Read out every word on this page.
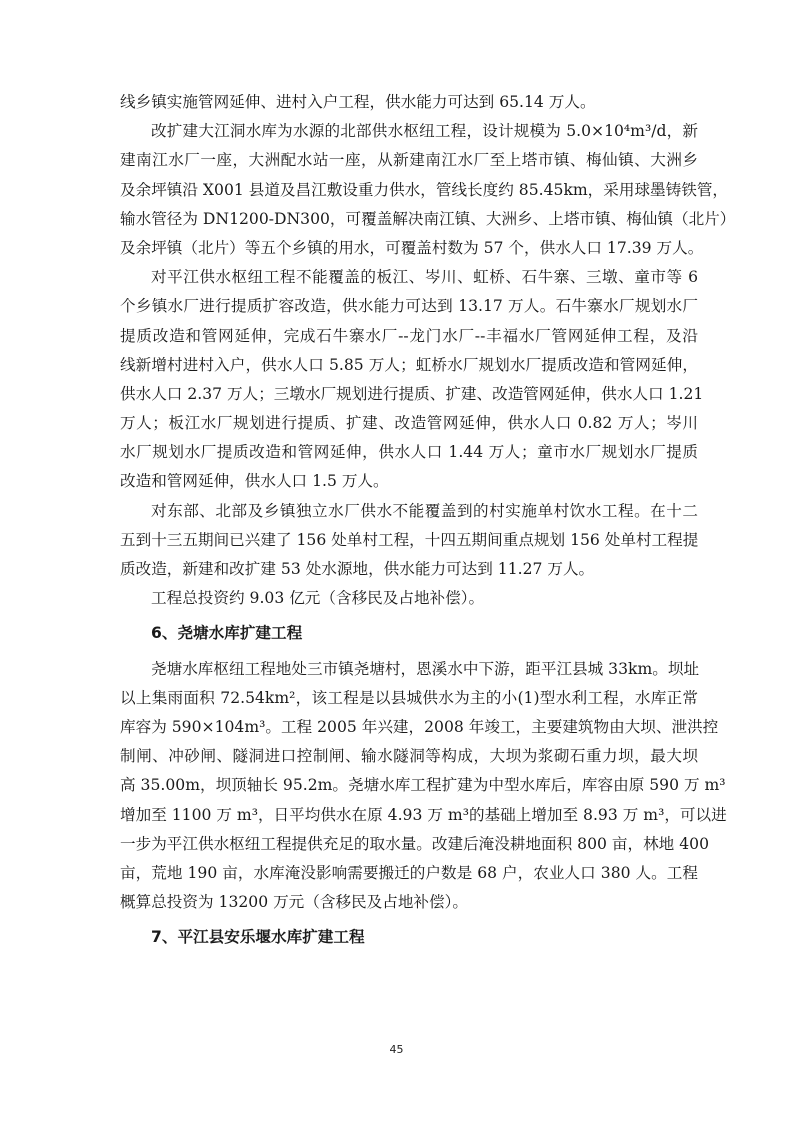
线乡镇实施管网延伸、进村入户工程，供水能力可达到 65.14 万人。
改扩建大江洞水库为水源的北部供水枢纽工程，设计规模为 5.0×10⁴m³/d，新
建南江水厂一座，大洲配水站一座，从新建南江水厂至上塔市镇、梅仙镇、大洲乡
及余坪镇沿 X001 县道及昌江敷设重力供水，管线长度约 85.45km，采用球墨铸铁管，
输水管径为 DN1200-DN300，可覆盖解决南江镇、大洲乡、上塔市镇、梅仙镇（北片）
及余坪镇（北片）等五个乡镇的用水，可覆盖村数为 57 个，供水人口 17.39 万人。
对平江供水枢纽工程不能覆盖的板江、岑川、虹桥、石牛寨、三墩、童市等 6
个乡镇水厂进行提质扩容改造，供水能力可达到 13.17 万人。石牛寨水厂规划水厂
提质改造和管网延伸，完成石牛寨水厂--龙门水厂--丰福水厂管网延伸工程，及沿
线新增村进村入户，供水人口 5.85 万人；虹桥水厂规划水厂提质改造和管网延伸，
供水人口 2.37 万人；三墩水厂规划进行提质、扩建、改造管网延伸，供水人口 1.21
万人；板江水厂规划进行提质、扩建、改造管网延伸，供水人口 0.82 万人；岑川
水厂规划水厂提质改造和管网延伸，供水人口 1.44 万人；童市水厂规划水厂提质
改造和管网延伸，供水人口 1.5 万人。
对东部、北部及乡镇独立水厂供水不能覆盖到的村实施单村饮水工程。在十二
五到十三五期间已兴建了 156 处单村工程，十四五期间重点规划 156 处单村工程提
质改造，新建和改扩建 53 处水源地，供水能力可达到 11.27 万人。
工程总投资约 9.03 亿元（含移民及占地补偿）。
6、尧塘水库扩建工程
尧塘水库枢纽工程地处三市镇尧塘村，恩溪水中下游，距平江县城 33km。坝址
以上集雨面积 72.54km²，该工程是以县城供水为主的小(1)型水利工程，水库正常
库容为 590×104m³。工程 2005 年兴建，2008 年竣工，主要建筑物由大坝、泄洪控
制闸、冲砂闸、隧洞进口控制闸、输水隧洞等构成，大坝为浆砌石重力坝，最大坝
高 35.00m，坝顶轴长 95.2m。尧塘水库工程扩建为中型水库后，库容由原 590 万 m³
增加至 1100 万 m³，日平均供水在原 4.93 万 m³的基础上增加至 8.93 万 m³，可以进
一步为平江供水枢纽工程提供充足的取水量。改建后淹没耕地面积 800 亩，林地 400
亩，荒地 190 亩，水库淹没影响需要搬迁的户数是 68 户，农业人口 380 人。工程
概算总投资为 13200 万元（含移民及占地补偿）。
7、平江县安乐堰水库扩建工程
45
